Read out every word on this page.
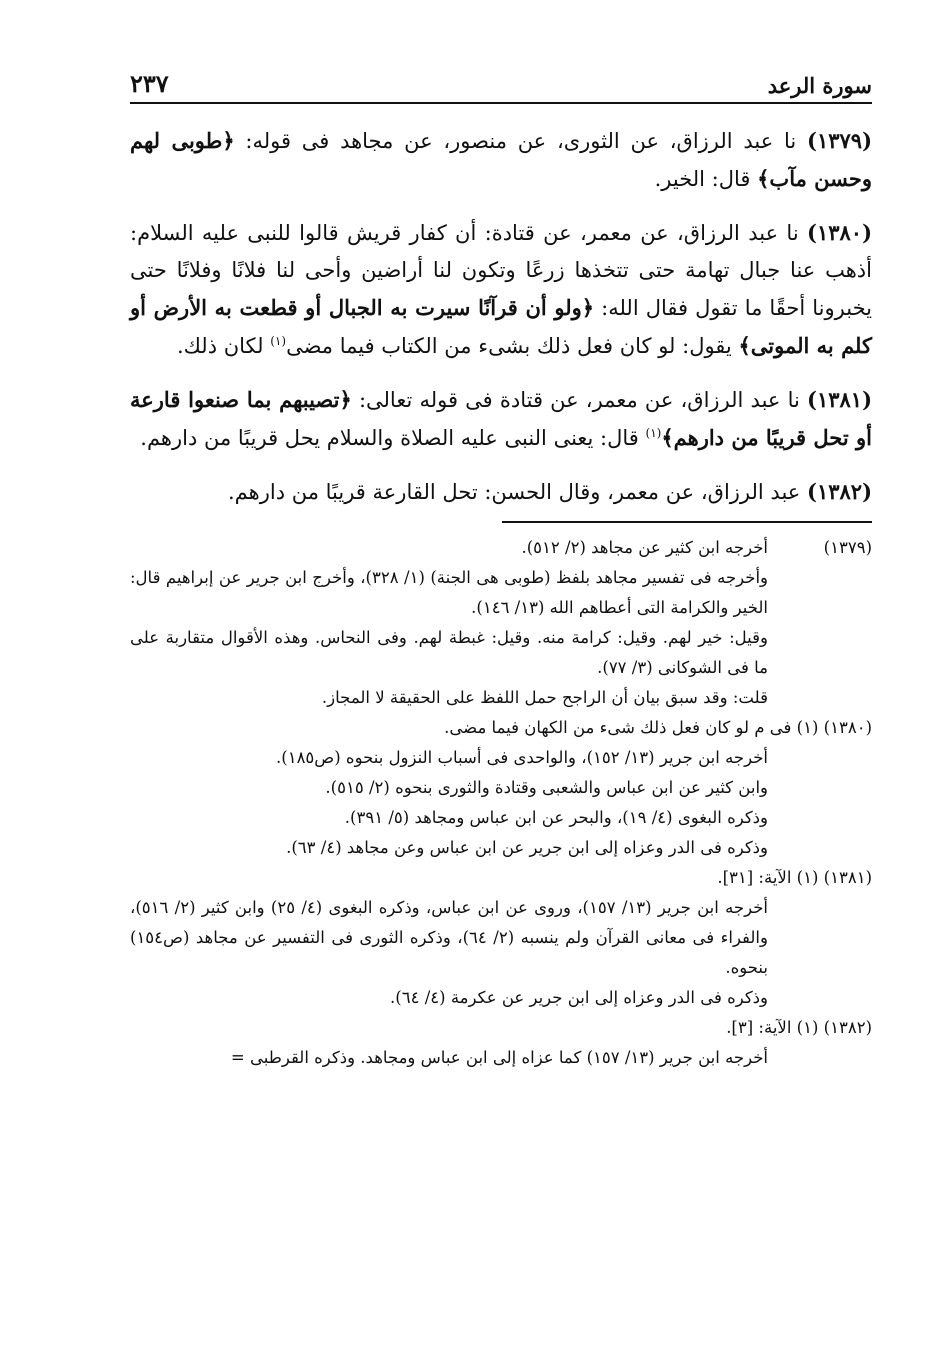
سورة الرعد
٢٣٧

(١٣٧٩) نا عبد الرزاق، عن الثورى، عن منصور، عن مجاهد فى قوله: ﴿طوبى لهم وحسن مآب﴾ قال: الخير.

(١٣٨٠) نا عبد الرزاق، عن معمر، عن قتادة: أن كفار قريش قالوا للنبى عليه السلام: أذهب عنا جبال تهامة حتى تتخذها زرعًا وتكون لنا أراضين وأحى لنا فلانًا وفلانًا حتى يخبرونا أحقًا ما تقول فقال الله: ﴿ولو أن قرآنًا سيرت به الجبال أو قطعت به الأرض أو كلم به الموتى﴾ يقول: لو كان فعل ذلك بشىء من الكتاب فيما مضى$^{(١)}$ لكان ذلك.

(١٣٨١) نا عبد الرزاق، عن معمر، عن قتادة فى قوله تعالى: ﴿تصيبهم بما صنعوا قارعة أو تحل قريبًا من دارهم﴾$^{(١)}$ قال: يعنى النبى عليه الصلاة والسلام يحل قريبًا من دارهم.

(١٣٨٢) عبد الرزاق، عن معمر، وقال الحسن: تحل القارعة قريبًا من دارهم.

(١٣٧٩)

أخرجه ابن كثير عن مجاهد (٢/ ٥١٢).

وأخرجه فى تفسير مجاهد بلفظ (طوبى هى الجنة) (١/ ٣٢٨)، وأخرج ابن جرير عن إبراهيم قال: الخير والكرامة التى أعطاهم الله (١٣/ ١٤٦).

وقيل: خير لهم. وقيل: كرامة منه. وقيل: غبطة لهم. وفى النحاس. وهذه الأقوال متقاربة على ما فى الشوكانى (٣/ ٧٧).

قلت: وقد سبق بيان أن الراجح حمل اللفظ على الحقيقة لا المجاز.

(١٣٨٠) (١) فى م لو كان فعل ذلك شىء من الكهان فيما مضى.

أخرجه ابن جرير (١٣/ ١٥٢)، والواحدى فى أسباب النزول بنحوه (ص١٨٥).

وابن كثير عن ابن عباس والشعبى وقتادة والثورى بنحوه (٢/ ٥١٥).

وذكره البغوى (٤/ ١٩)، والبحر عن ابن عباس ومجاهد (٥/ ٣٩١).

وذكره فى الدر وعزاه إلى ابن جرير عن ابن عباس وعن مجاهد (٤/ ٦٣).

(١٣٨١) (١) الآية: [٣١].

أخرجه ابن جرير (١٣/ ١٥٧)، وروى عن ابن عباس، وذكره البغوى (٤/ ٢٥) وابن كثير (٢/ ٥١٦)، والفراء فى معانى القرآن ولم ينسبه (٢/ ٦٤)، وذكره الثورى فى التفسير عن مجاهد (ص١٥٤) بنحوه.

وذكره فى الدر وعزاه إلى ابن جرير عن عكرمة (٤/ ٦٤).

(١٣٨٢) (١) الآية: [٣].

أخرجه ابن جرير (١٣/ ١٥٧) كما عزاه إلى ابن عباس ومجاهد. وذكره القرطبى =
